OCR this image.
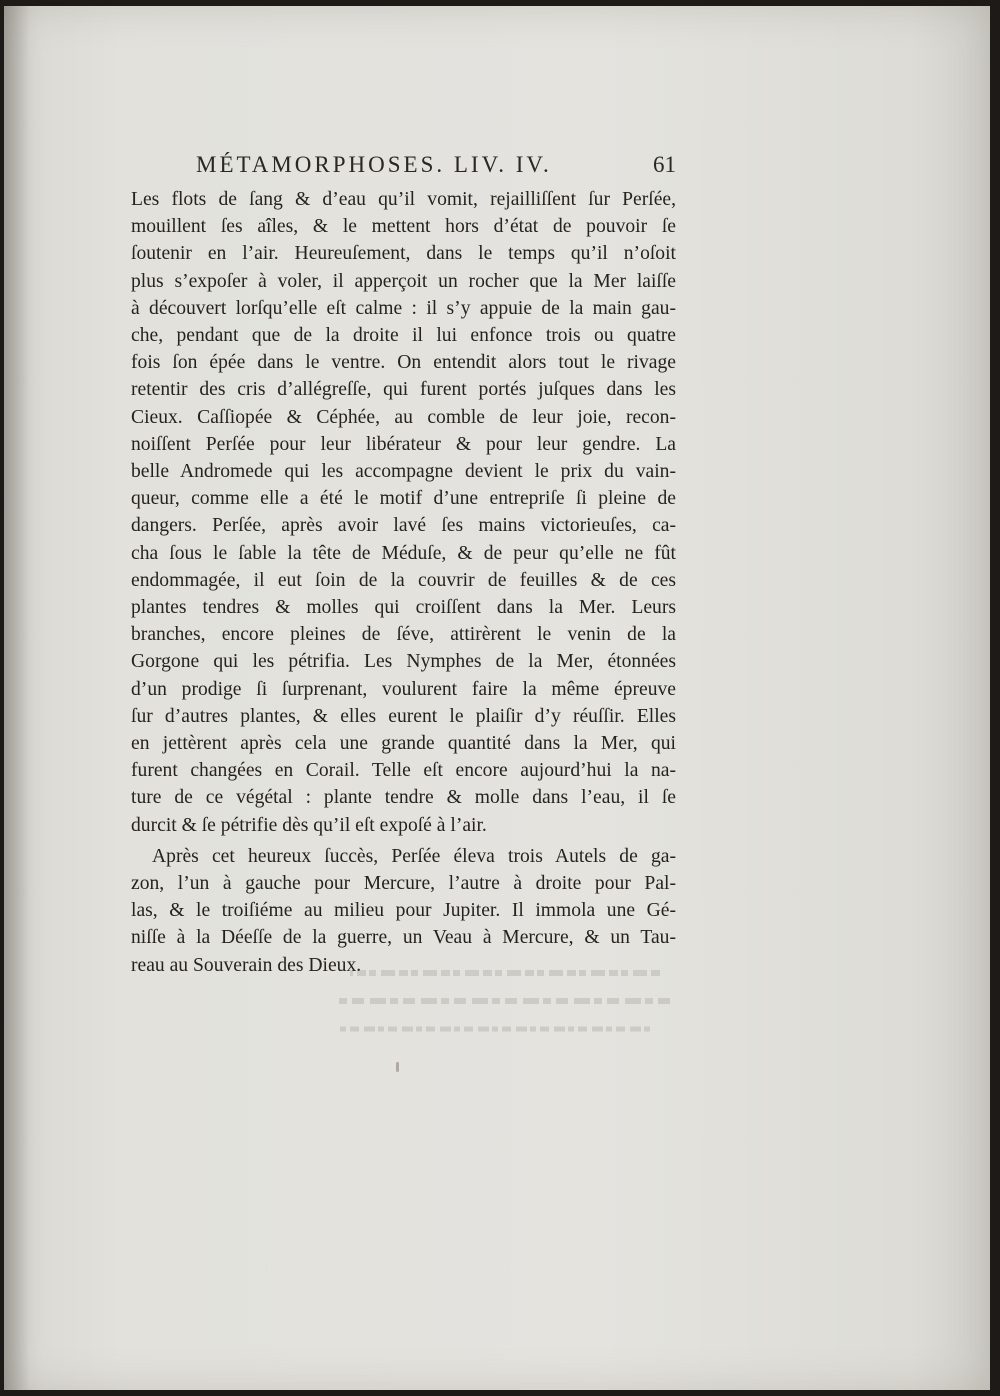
MÉTAMORPHOSES. LIV. IV.	61
Les flots de ſang & d’eau qu’il vomit, rejailliſſent ſur Perſée,
mouillent ſes aîles, & le mettent hors d’état de pouvoir ſe
ſoutenir en l’air. Heureuſement, dans le temps qu’il n’oſoit
plus s’expoſer à voler, il apperçoit un rocher que la Mer laiſſe
à découvert lorſqu’elle eſt calme : il s’y appuie de la main gau-
che, pendant que de la droite il lui enfonce trois ou quatre
fois ſon épée dans le ventre. On entendit alors tout le rivage
retentir des cris d’allégreſſe, qui furent portés juſques dans les
Cieux. Caſſiopée & Céphée, au comble de leur joie, recon-
noiſſent Perſée pour leur libérateur & pour leur gendre. La
belle Andromede qui les accompagne devient le prix du vain-
queur, comme elle a été le motif d’une entrepriſe ſi pleine de
dangers. Perſée, après avoir lavé ſes mains victorieuſes, ca-
cha ſous le ſable la tête de Méduſe, & de peur qu’elle ne fût
endommagée, il eut ſoin de la couvrir de feuilles & de ces
plantes tendres & molles qui croiſſent dans la Mer. Leurs
branches, encore pleines de ſéve, attirèrent le venin de la
Gorgone qui les pétrifia. Les Nymphes de la Mer, étonnées
d’un prodige ſi ſurprenant, voulurent faire la même épreuve
ſur d’autres plantes, & elles eurent le plaiſir d’y réuſſir. Elles
en jettèrent après cela une grande quantité dans la Mer, qui
furent changées en Corail. Telle eſt encore aujourd’hui la na-
ture de ce végétal : plante tendre & molle dans l’eau, il ſe
durcit & ſe pétrifie dès qu’il eſt expoſé à l’air.
Après cet heureux ſuccès, Perſée éleva trois Autels de ga-
zon, l’un à gauche pour Mercure, l’autre à droite pour Pal-
las, & le troiſiéme au milieu pour Jupiter. Il immola une Gé-
niſſe à la Déeſſe de la guerre, un Veau à Mercure, & un Tau-
reau au Souverain des Dieux.
